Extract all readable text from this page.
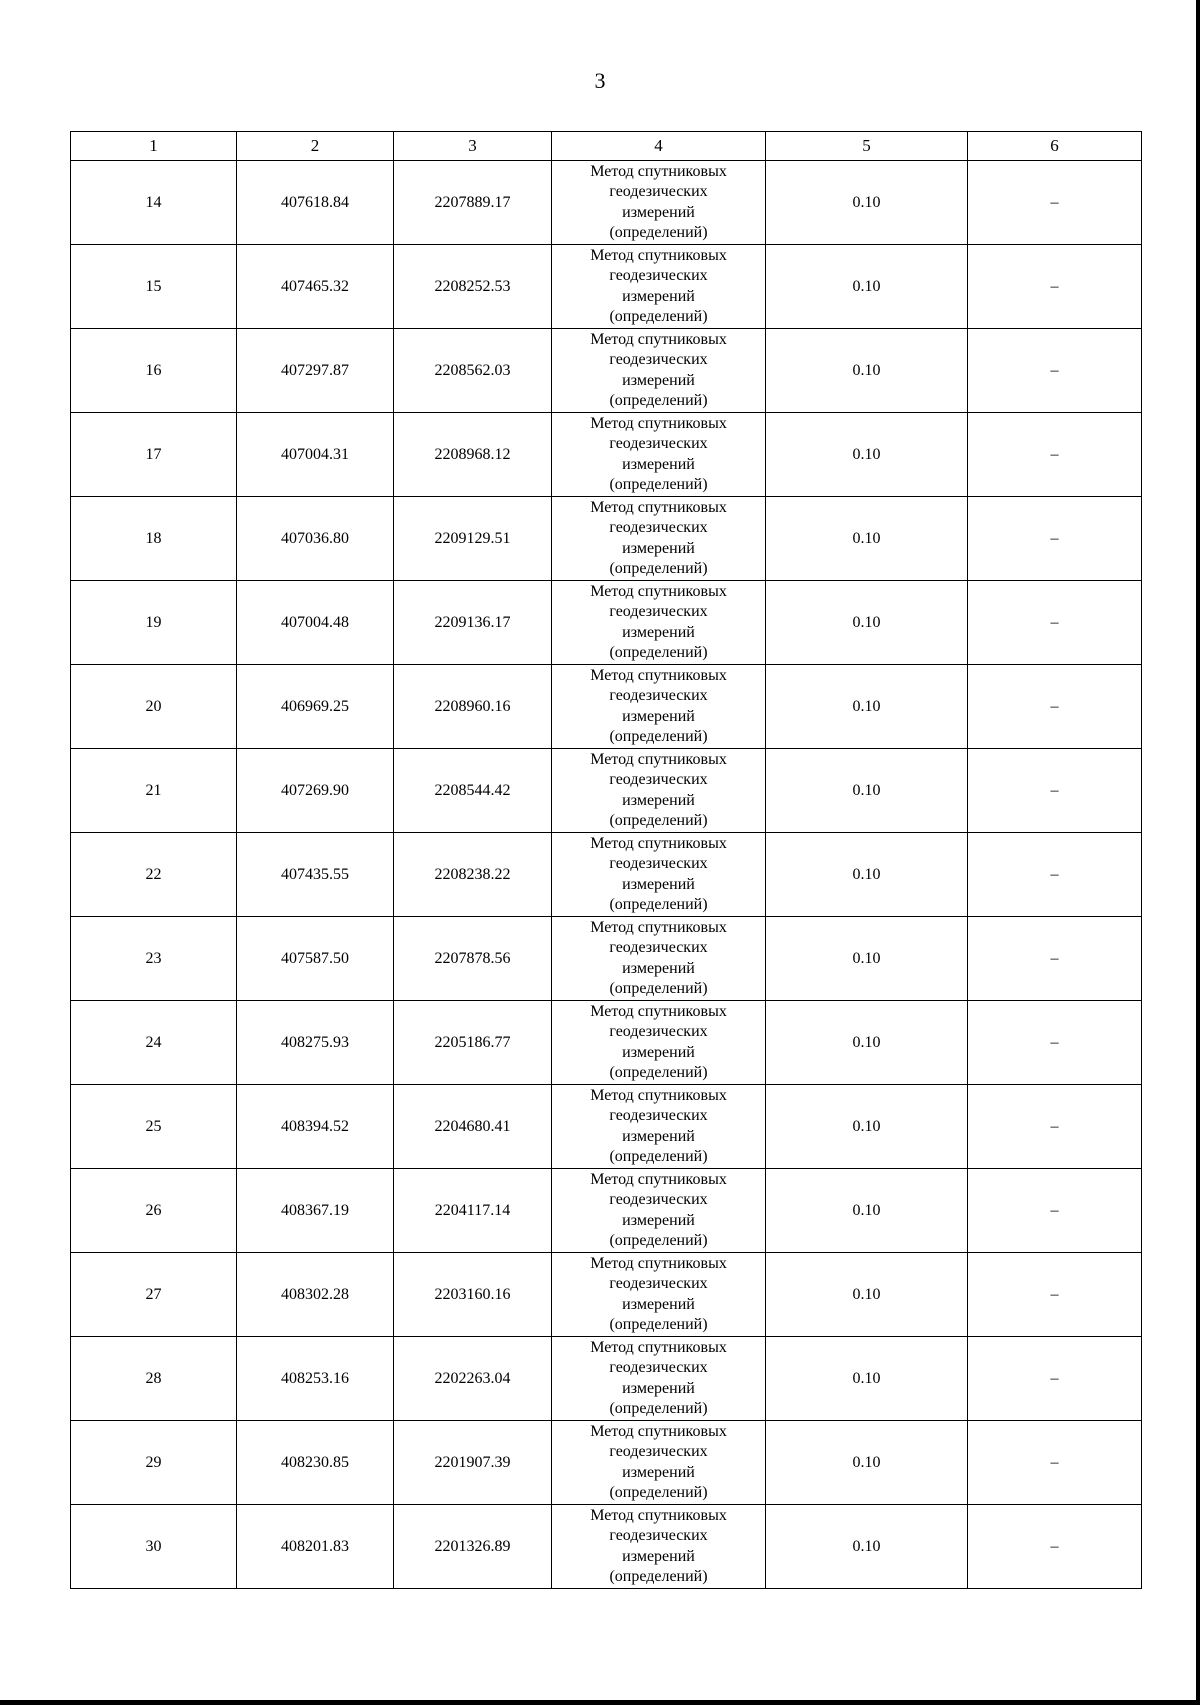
3
1	2	3	4	5	6
14	407618.84	2207889.17	Метод спутниковых
геодезических
измерений
(определений)	0.10	–
15	407465.32	2208252.53	Метод спутниковых
геодезических
измерений
(определений)	0.10	–
16	407297.87	2208562.03	Метод спутниковых
геодезических
измерений
(определений)	0.10	–
17	407004.31	2208968.12	Метод спутниковых
геодезических
измерений
(определений)	0.10	–
18	407036.80	2209129.51	Метод спутниковых
геодезических
измерений
(определений)	0.10	–
19	407004.48	2209136.17	Метод спутниковых
геодезических
измерений
(определений)	0.10	–
20	406969.25	2208960.16	Метод спутниковых
геодезических
измерений
(определений)	0.10	–
21	407269.90	2208544.42	Метод спутниковых
геодезических
измерений
(определений)	0.10	–
22	407435.55	2208238.22	Метод спутниковых
геодезических
измерений
(определений)	0.10	–
23	407587.50	2207878.56	Метод спутниковых
геодезических
измерений
(определений)	0.10	–
24	408275.93	2205186.77	Метод спутниковых
геодезических
измерений
(определений)	0.10	–
25	408394.52	2204680.41	Метод спутниковых
геодезических
измерений
(определений)	0.10	–
26	408367.19	2204117.14	Метод спутниковых
геодезических
измерений
(определений)	0.10	–
27	408302.28	2203160.16	Метод спутниковых
геодезических
измерений
(определений)	0.10	–
28	408253.16	2202263.04	Метод спутниковых
геодезических
измерений
(определений)	0.10	–
29	408230.85	2201907.39	Метод спутниковых
геодезических
измерений
(определений)	0.10	–
30	408201.83	2201326.89	Метод спутниковых
геодезических
измерений
(определений)	0.10	–
